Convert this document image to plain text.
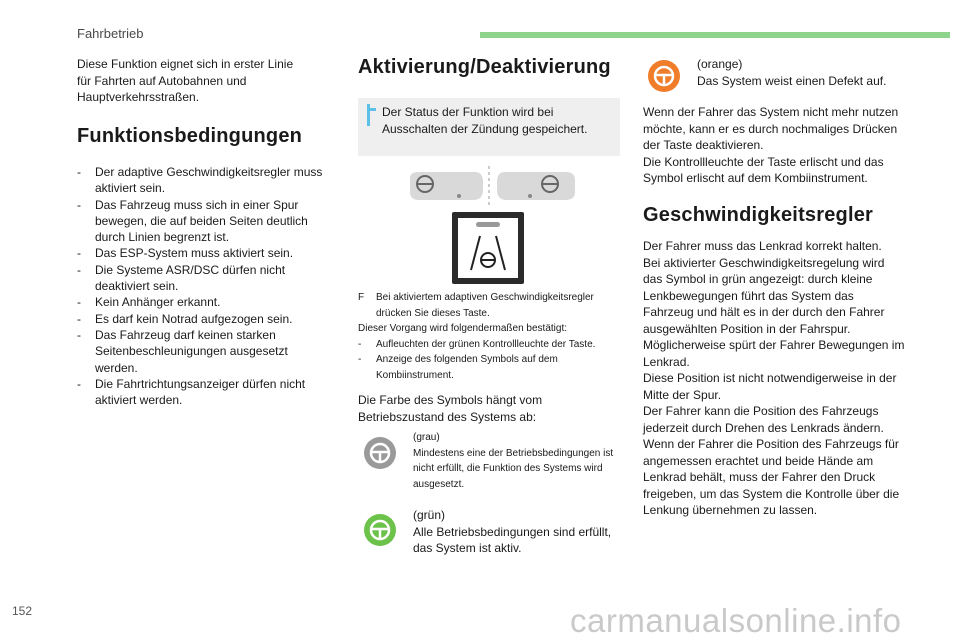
Fahrbetrieb
Diese Funktion eignet sich in erster Linie für Fahrten auf Autobahnen und Hauptverkehrsstraßen.
Funktionsbedingungen
- Der adaptive Geschwindigkeitsregler muss aktiviert sein.
- Das Fahrzeug muss sich in einer Spur bewegen, die auf beiden Seiten deutlich durch Linien begrenzt ist.
- Das ESP-System muss aktiviert sein.
- Die Systeme ASR/DSC dürfen nicht deaktiviert sein.
- Kein Anhänger erkannt.
- Es darf kein Notrad aufgezogen sein.
- Das Fahrzeug darf keinen starken Seitenbeschleunigungen ausgesetzt werden.
- Die Fahrtrichtungsanzeiger dürfen nicht aktiviert werden.
Aktivierung/Deaktivierung
Der Status der Funktion wird bei Ausschalten der Zündung gespeichert.
F Bei aktiviertem adaptiven Geschwindigkeitsregler drücken Sie dieses Taste.
Dieser Vorgang wird folgendermaßen bestätigt:
- Aufleuchten der grünen Kontrollleuchte der Taste.
- Anzeige des folgenden Symbols auf dem Kombiinstrument.
Die Farbe des Symbols hängt vom Betriebszustand des Systems ab:
(grau)
Mindestens eine der Betriebsbedingungen ist nicht erfüllt, die Funktion des Systems wird ausgesetzt.
(grün)
Alle Betriebsbedingungen sind erfüllt, das System ist aktiv.
(orange)
Das System weist einen Defekt auf.
Wenn der Fahrer das System nicht mehr nutzen möchte, kann er es durch nochmaliges Drücken der Taste deaktivieren.
Die Kontrollleuchte der Taste erlischt und das Symbol erlischt auf dem Kombiinstrument.
Geschwindigkeitsregler
Der Fahrer muss das Lenkrad korrekt halten.
Bei aktivierter Geschwindigkeitsregelung wird das Symbol in grün angezeigt: durch kleine Lenkbewegungen führt das System das Fahrzeug und hält es in der durch den Fahrer ausgewählten Position in der Fahrspur.
Möglicherweise spürt der Fahrer Bewegungen im Lenkrad.
Diese Position ist nicht notwendigerweise in der Mitte der Spur.
Der Fahrer kann die Position des Fahrzeugs jederzeit durch Drehen des Lenkrads ändern.
Wenn der Fahrer die Position des Fahrzeugs für angemessen erachtet und beide Hände am Lenkrad behält, muss der Fahrer den Druck freigeben, um das System die Kontrolle über die Lenkung übernehmen zu lassen.
152	carmanualsonline.info
